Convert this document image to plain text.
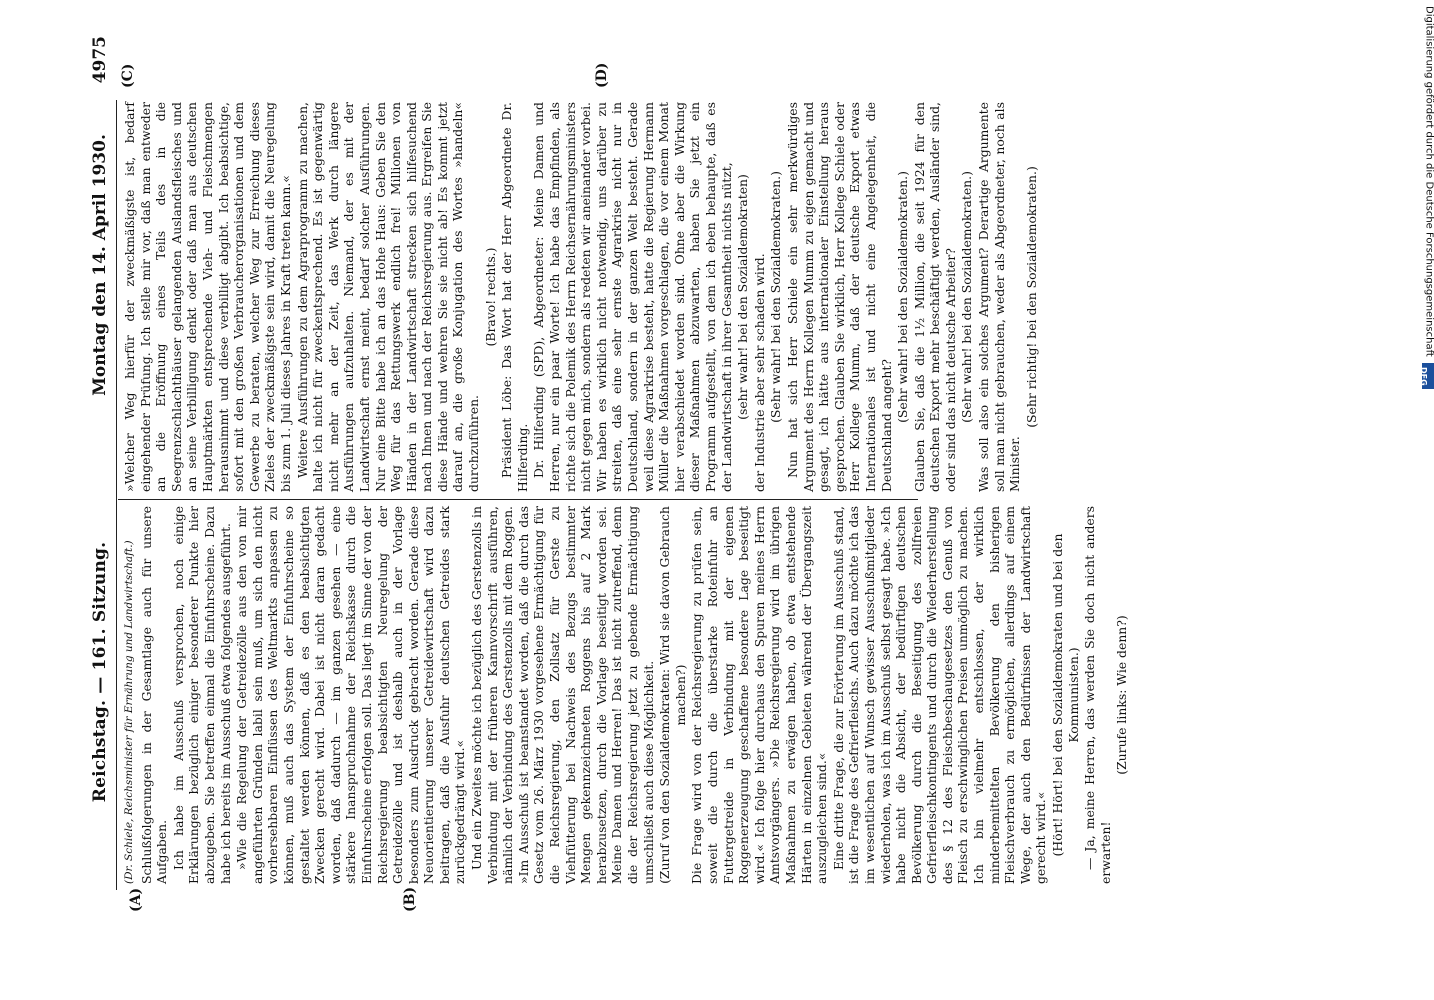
Reichstag. — 161. Sitzung.
Montag den 14. April 1930.
4975
(A)	(B)
(C)	(D)

(Dr. Schiele, Reichsminister für Ernährung und Landwirtschaft.) Schlußfolgerungen in der Gesamtlage auch für unsere Aufgaben. Ich habe im Ausschuß versprochen, noch einige Erklärungen bezüglich einiger besonderer Punkte hier abzugeben. Sie betreffen einmal die Einfuhrscheine. Dazu habe ich bereits im Ausschuß etwa folgendes ausgeführt. »Wie die Regelung der Getreidezölle aus den von mir angeführten Gründen labil sein muß, um sich den nicht vorhersehbaren Einflüssen des Weltmarkts anpassen zu können, muß auch das System der Einfuhrscheine so gestaltet werden können, daß es den beabsichtigten Zwecken gerecht wird. Dabei ist nicht daran gedacht worden, daß dadurch — im ganzen gesehen — eine stärkere Inanspruchnahme der Reichskasse durch die Einfuhrscheine erfolgen soll. Das liegt im Sinne der von der Reichsregierung beabsichtigten Neuregelung der Getreidezölle und ist deshalb auch in der Vorlage besonders zum Ausdruck gebracht worden. Gerade diese Neuorientierung unserer Getreidewirtschaft wird dazu beitragen, daß die Ausfuhr deutschen Getreides stark zurückgedrängt wird.« Und ein Zweites möchte ich bezüglich des Gerstenzolls in Verbindung mit der früheren Kannvorschrift ausführen, nämlich der Verbindung des Gerstenzolls mit dem Roggen. »Im Ausschuß ist beanstandet worden, daß die durch das Gesetz vom 26. März 1930 vorgesehene Ermächtigung für die Reichsregierung, den Zollsatz für Gerste zu Viehfütterung bei Nachweis des Bezugs bestimmter Mengen gekennzeichneten Roggens bis auf 2 Mark herabzusetzen, durch die Vorlage beseitigt worden sei. Meine Damen und Herren! Das ist nicht zutreffend, denn die der Reichsregierung jetzt zu gebende Ermächtigung umschließt auch diese Möglichkeit. (Zuruf von den Sozialdemokraten: Wird sie davon Gebrauch machen?) Die Frage wird von der Reichsregierung zu prüfen sein, soweit die durch die überstarke Roteinfuhr an Futtergetreide in Verbindung mit der eigenen Roggenerzeugung geschaffene besondere Lage beseitigt wird.« Ich folge hier durchaus den Spuren meines Herrn Amtsvorgängers. »Die Reichsregierung wird im übrigen Maßnahmen zu erwägen haben, ob etwa entstehende Härten in einzelnen Gebieten während der Übergangszeit auszugleichen sind.« Eine dritte Frage, die zur Erörterung im Ausschuß stand, ist die Frage des Gefrierfleischs. Auch dazu möchte ich das im wesentlichen auf Wunsch gewisser Ausschußmitglieder wiederholen, was ich im Ausschuß selbst gesagt habe. »Ich habe nicht die Absicht, der bedürftigen deutschen Bevölkerung durch die Beseitigung des zollfreien Gefrierfleischkontingents und durch die Wiederherstellung des § 12 des Fleischbeschaugesetzes den Genuß von Fleisch zu erschwinglichen Preisen unmöglich zu machen. Ich bin vielmehr entschlossen, der wirklich minderbemittelten Bevölkerung den bisherigen Fleischverbrauch zu ermöglichen, allerdings auf einem Wege, der auch den Bedürfnissen der Landwirtschaft gerecht wird.« (Hört! Hört! bei den Sozialdemokraten und bei den Kommunisten.) — Ja, meine Herren, das werden Sie doch nicht anders erwarten!

(Zurufe links: Wie denn?)

»Welcher Weg hierfür der zweckmäßigste ist, bedarf eingehender Prüfung. Ich stelle mir vor, daß man entweder an die Eröffnung eines Teils des in die Seegrenzschlachthäuser gelangenden Auslandsfleisches und an seine Verbilligung denkt oder daß man aus deutschen Hauptmärkten entsprechende Vieh- und Fleischmengen herausnimmt und diese verbilligt abgibt. Ich beabsichtige, sofort mit den großen Verbraucherorganisationen und dem Gewerbe zu beraten, welcher Weg zur Erreichung dieses Zieles der zweckmäßigste sein wird, damit die Neuregelung bis zum 1. Juli dieses Jahres in Kraft treten kann.« Weitere Ausführungen zu dem Agrarprogramm zu machen, halte ich nicht für zweckentsprechend. Es ist gegenwärtig nicht mehr an der Zeit, das Werk durch längere Ausführungen aufzuhalten. Niemand, der es mit der Landwirtschaft ernst meint, bedarf solcher Ausführungen. Nur eine Bitte habe ich an das Hohe Haus: Geben Sie den Weg für das Rettungswerk endlich frei! Millionen von Händen in der Landwirtschaft strecken sich hilfesuchend nach Ihnen und nach der Reichsregierung aus. Ergreifen Sie diese Hände und wehren Sie sie nicht ab! Es kommt jetzt darauf an, die große Konjugation des Wortes »handeln« durchzuführen.

(Bravo! rechts.) Präsident Löbe: Das Wort hat der Herr Abgeordnete Dr. Hilferding. Dr. Hilferding (SPD), Abgeordneter: Meine Damen und Herren, nur ein paar Worte! Ich habe das Empfinden, als richte sich die Polemik des Herrn Reichsernährungsministers nicht gegen mich, sondern als redeten wir aneinander vorbei. Wir haben es wirklich nicht notwendig, uns darüber zu streiten, daß eine sehr ernste Agrarkrise nicht nur in Deutschland, sondern in der ganzen Welt besteht. Gerade weil diese Agrarkrise besteht, hatte die Regierung Hermann Müller die Maßnahmen vorgeschlagen, die vor einem Monat hier verabschiedet worden sind. Ohne aber die Wirkung dieser Maßnahmen abzuwarten, haben Sie jetzt ein Programm aufgestellt, von dem ich eben behaupte, daß es der Landwirtschaft in ihrer Gesamtheit nichts nützt, (sehr wahr! bei den Sozialdemokraten) der Industrie aber sehr schaden wird. (Sehr wahr! bei den Sozialdemokraten.) Nun hat sich Herr Schiele ein sehr merkwürdiges Argument des Herrn Kollegen Mumm zu eigen gemacht und gesagt, ich hätte aus internationaler Einstellung heraus gesprochen. Glauben Sie wirklich, Herr Kollege Schiele oder Herr Kollege Mumm, daß der deutsche Export etwas Internationales ist und nicht eine Angelegenheit, die Deutschland angeht?

(Sehr wahr! bei den Sozialdemokraten.) Glauben Sie, daß die 1½ Million, die seit 1924 für den deutschen Export mehr beschäftigt werden, Ausländer sind, oder sind das nicht deutsche Arbeiter? (Sehr wahr! bei den Sozialdemokraten.) Was soll also ein solches Argument? Derartige Argumente soll man nicht gebrauchen, weder als Abgeordneter, noch als Minister.

(Sehr richtig! bei den Sozialdemokraten.)	Digitalisierung gefördert durch die Deutsche Forschungsgemeinschaft
DFG
